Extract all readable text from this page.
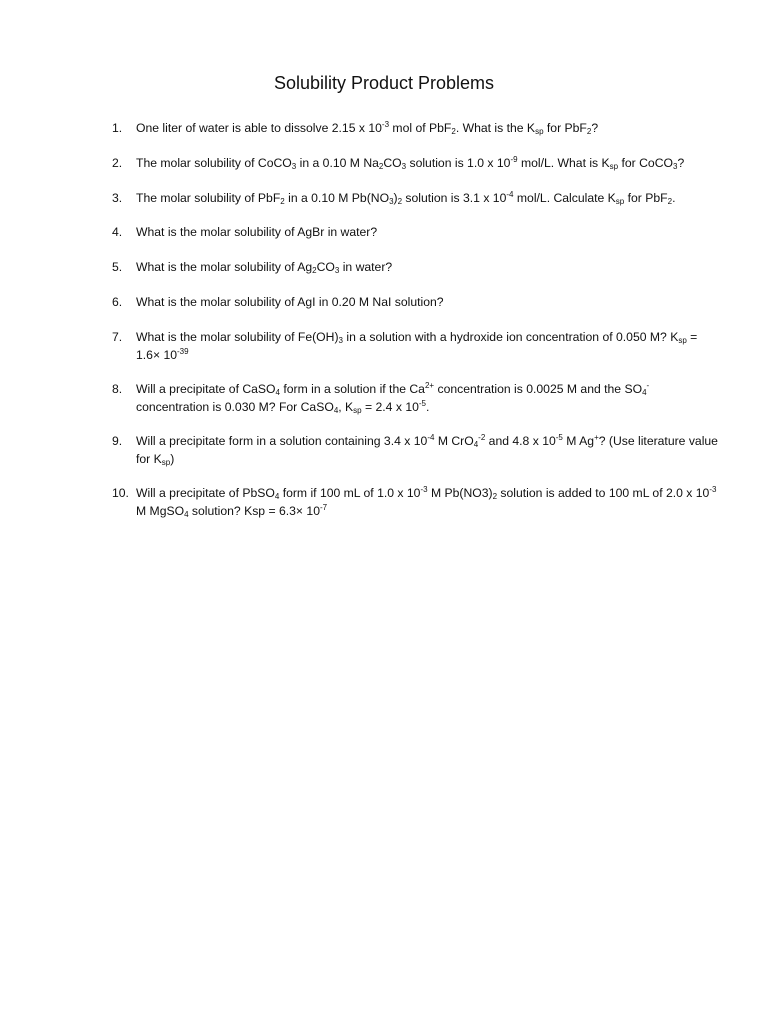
Solubility Product Problems
1. One liter of water is able to dissolve 2.15 x $10^{-3}$ mol of PbF$_2$. What is the $K_{sp}$ for PbF$_2$?
2. The molar solubility of CoCO$_3$ in a 0.10 M $Na_2CO_3$ solution is 1.0 x $10^{-9}$ mol/L. What is $K_{sp}$ for CoCO$_3$?
3. The molar solubility of PbF$_2$ in a 0.10 M $Pb(NO_3)_2$ solution is 3.1 x $10^{-4}$ mol/L. Calculate $K_{sp}$ for PbF$_2$.
4. What is the molar solubility of AgBr in water?
5. What is the molar solubility of $Ag_2CO_3$ in water?
6. What is the molar solubility of AgI in 0.20 M NaI solution?
7. What is the molar solubility of $Fe(OH)_3$ in a solution with a hydroxide ion concentration of 0.050 M? $K_{sp} = 1.6\times 10^{-39}$
8. Will a precipitate of CaSO$_4$ form in a solution if the $Ca^{2+}$ concentration is 0.0025 M and the $SO_4^-$ concentration is 0.030 M? For CaSO$_4$, $K_{sp} = 2.4$ x $10^{-5}$.
9. Will a precipitate form in a solution containing 3.4 x $10^{-4}$ M CrO$_4^{-2}$ and 4.8 x $10^{-5}$ M Ag+? (Use literature value for $K_{sp}$)
10. Will a precipitate of PbSO$_4$ form if 100 mL of 1.0 x $10^{-3}$ M $Pb(NO3)_2$ solution is added to 100 mL of 2.0 x $10^{-3}$ M MgSO$_4$ solution? Ksp = $6.3\times 10^{-7}$
